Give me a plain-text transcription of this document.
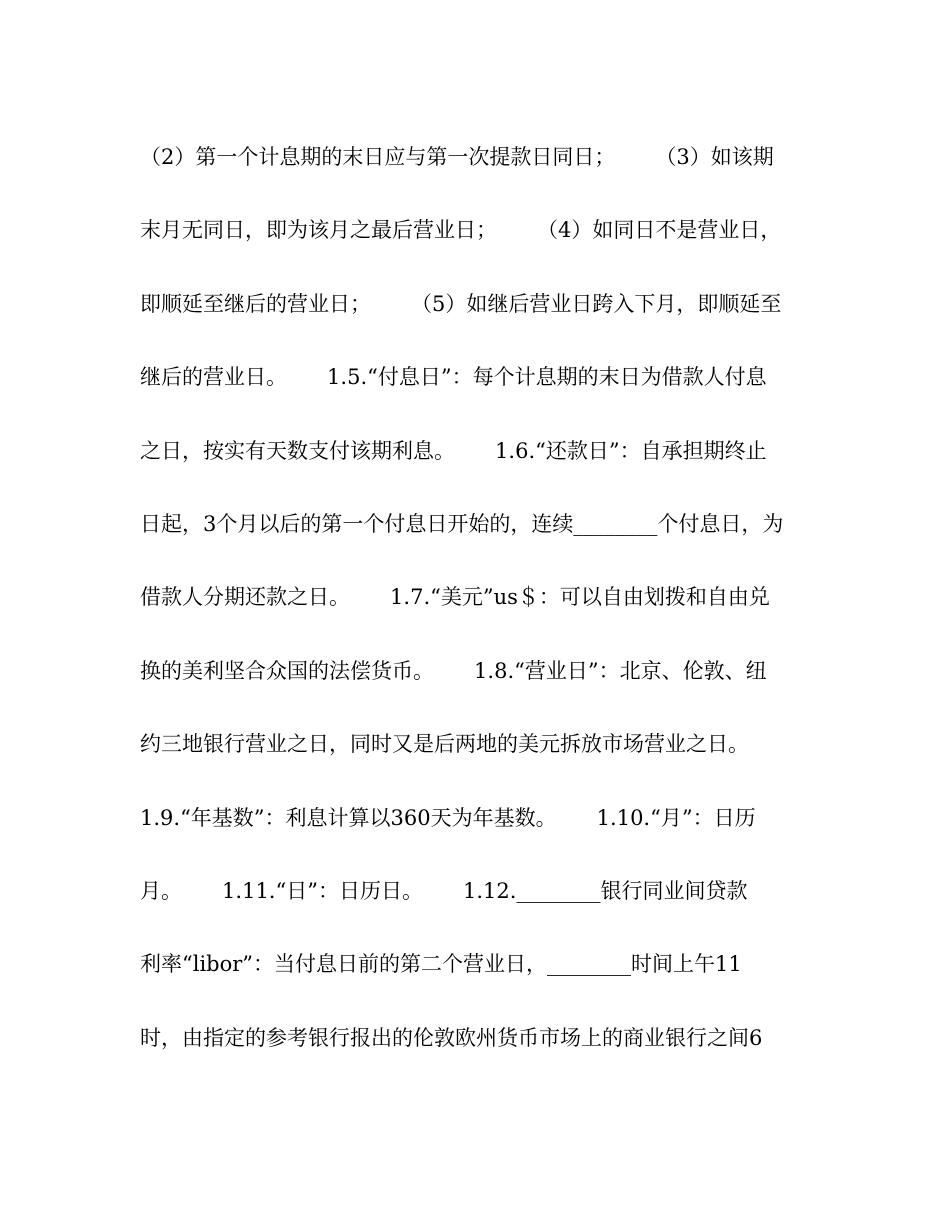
（2）第一个计息期的末日应与第一次提款日同日；      （3）如该期
末月无同日，即为该月之最后营业日；      （4）如同日不是营业日，
即顺延至继后的营业日；      （5）如继后营业日跨入下月，即顺延至
继后的营业日。      1.5.“付息日”：每个计息期的末日为借款人付息
之日，按实有天数支付该期利息。      1.6.“还款日”：自承担期终止
日起，3个月以后的第一个付息日开始的，连续________个付息日，为
借款人分期还款之日。      1.7.“美元”us＄：可以自由划拨和自由兑
换的美利坚合众国的法偿货币。      1.8.“营业日”：北京、伦敦、纽
约三地银行营业之日，同时又是后两地的美元拆放市场营业之日。
1.9.“年基数”：利息计算以360天为年基数。      1.10.“月”：日历
月。      1.11.“日”：日历日。      1.12.________银行同业间贷款
利率“libor”：当付息日前的第二个营业日，________时间上午11
时，由指定的参考银行报出的伦敦欧州货币市场上的商业银行之间6
